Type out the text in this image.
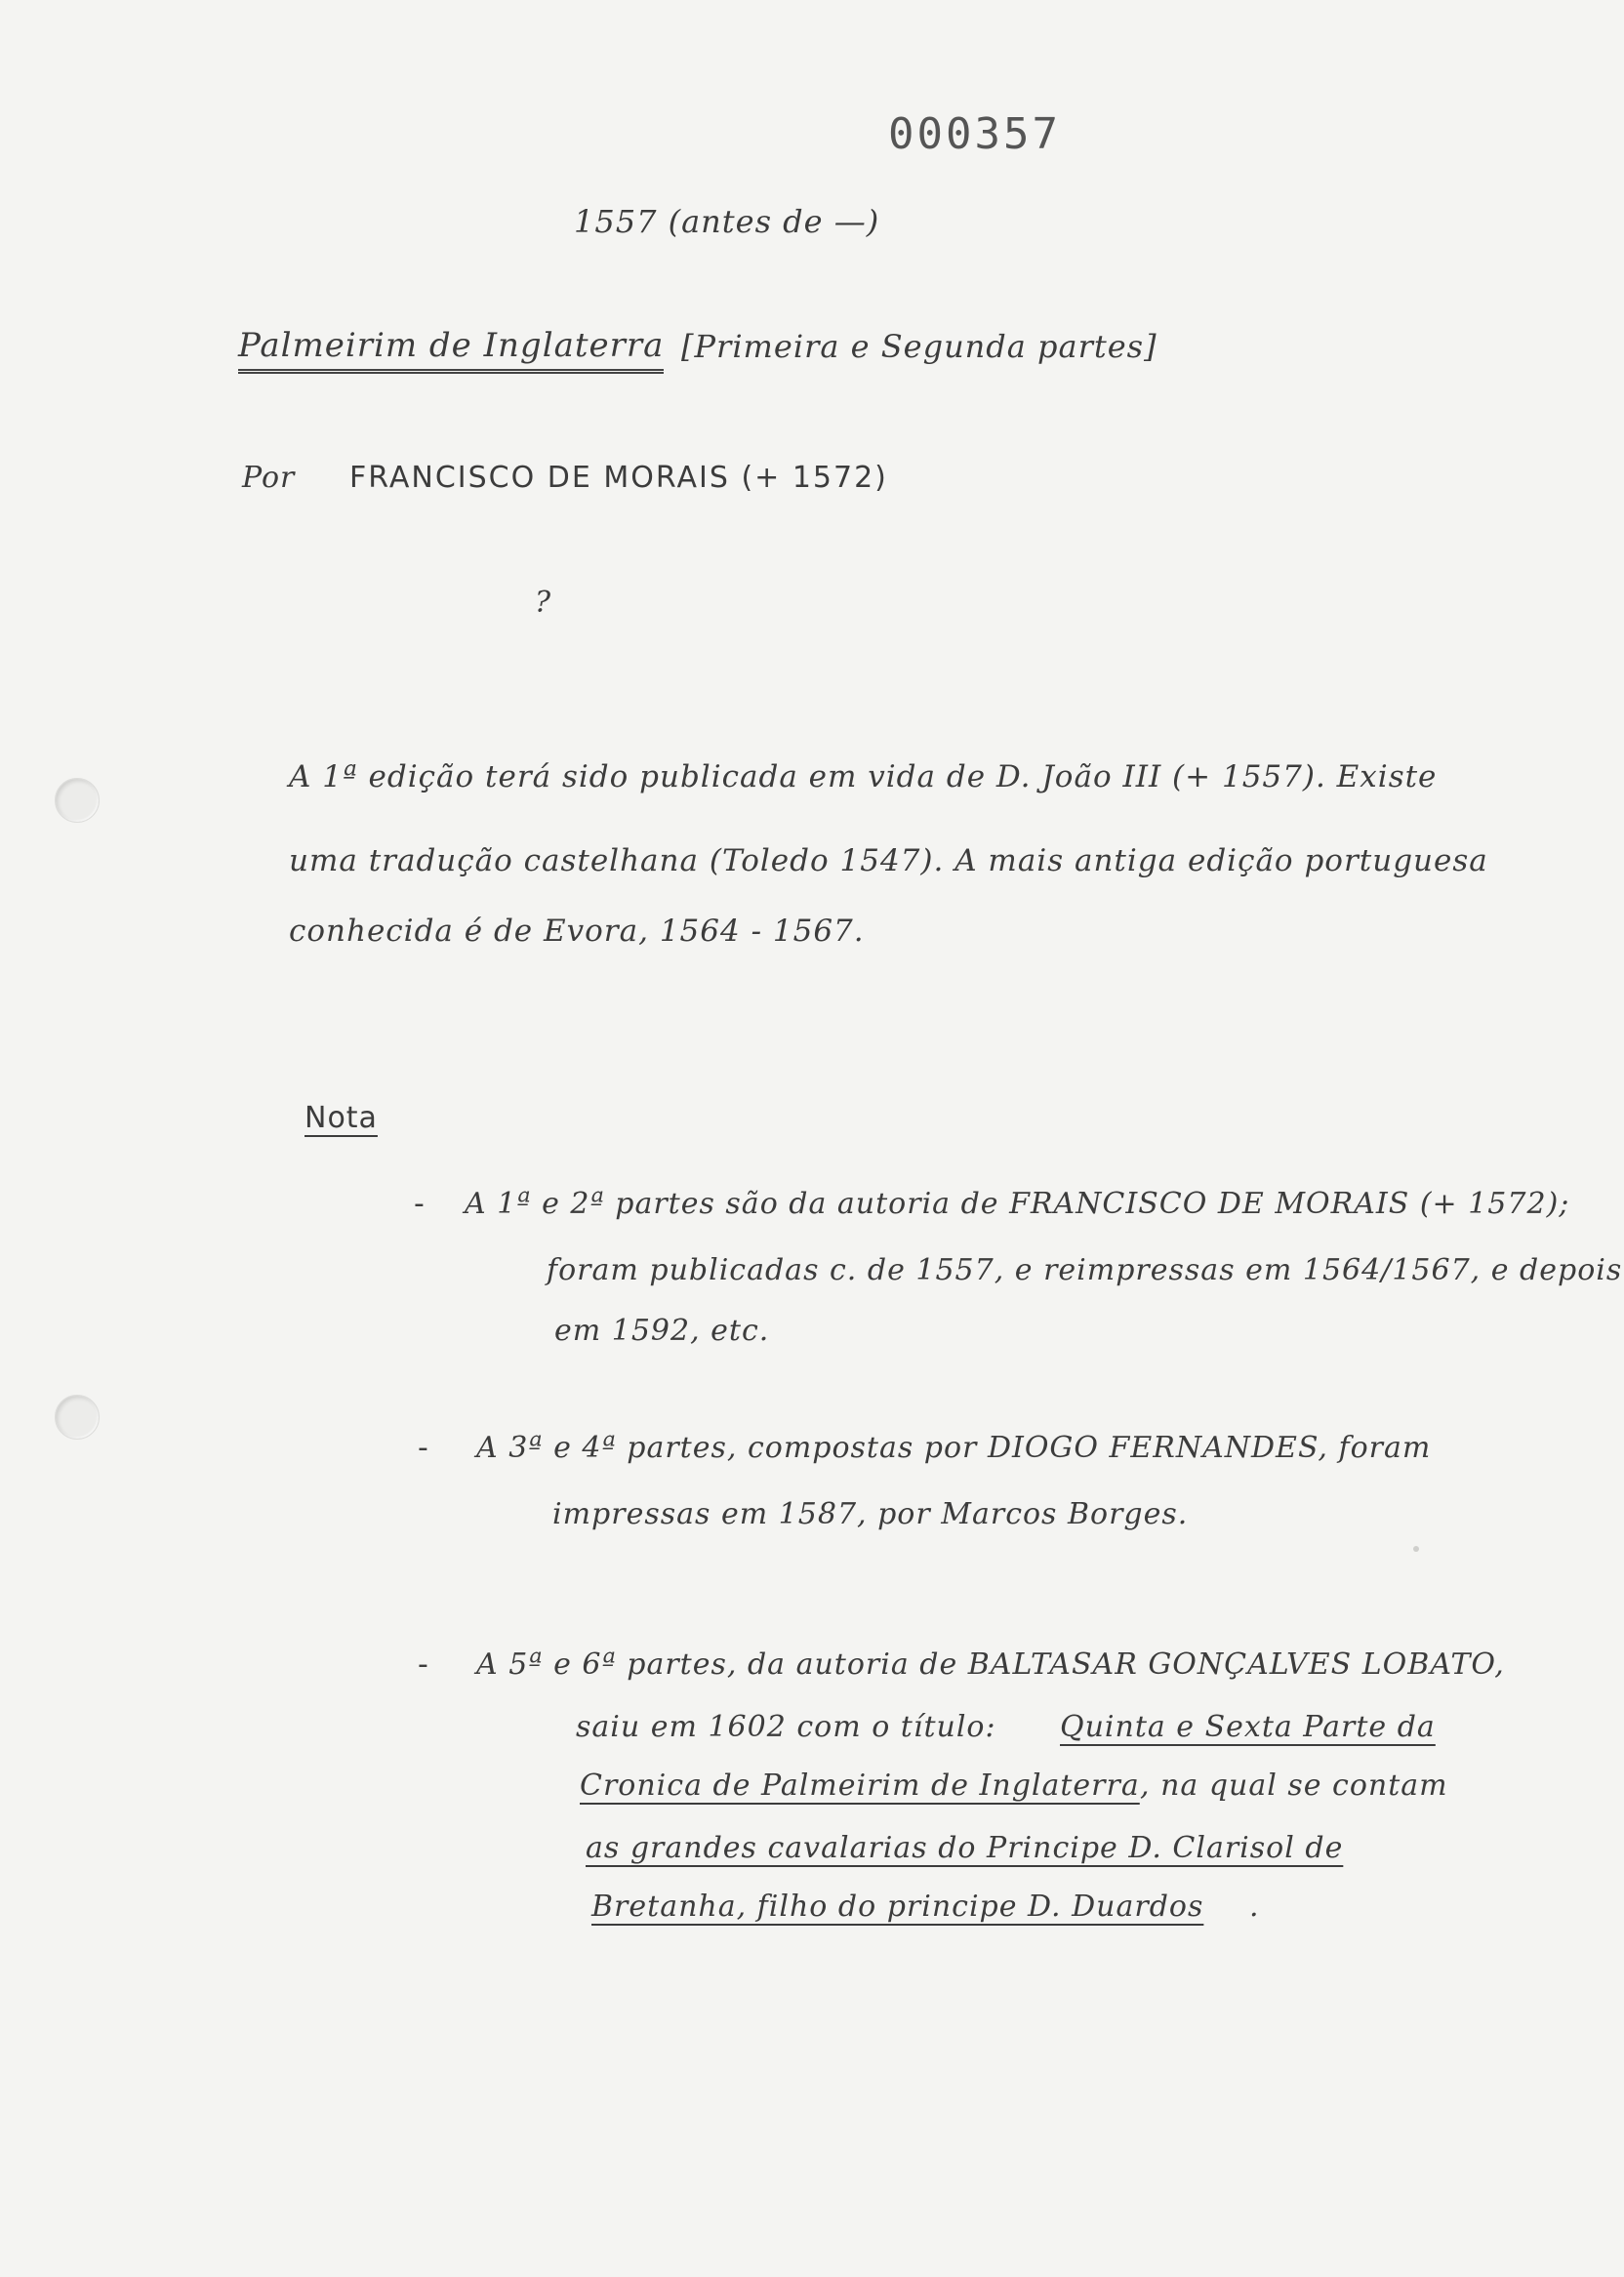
000357
1557 (antes de —)
Palmeirim de Inglaterra [Primeira e Segunda partes]
Por FRANCISCO DE MORAIS (+ 1572)
?
A 1ª edição terá sido publicada em vida de D. João III (+ 1557). Existe
uma tradução castelhana (Toledo 1547). A mais antiga edição portuguesa
conhecida é de Evora, 1564 - 1567.
Nota
- A 1ª e 2ª partes são da autoria de FRANCISCO DE MORAIS (+ 1572);
foram publicadas c. de 1557, e reimpressas em 1564/1567, e depois
em 1592, etc.
- A 3ª e 4ª partes, compostas por DIOGO FERNANDES, foram
impressas em 1587, por Marcos Borges.
- A 5ª e 6ª partes, da autoria de BALTASAR GONÇALVES LOBATO,
saiu em 1602 com o título: Quinta e Sexta Parte da
Cronica de Palmeirim de Inglaterra , na qual se contam
as grandes cavalarias do Principe D. Clarisol de
Bretanha, filho do principe D. Duardos .
